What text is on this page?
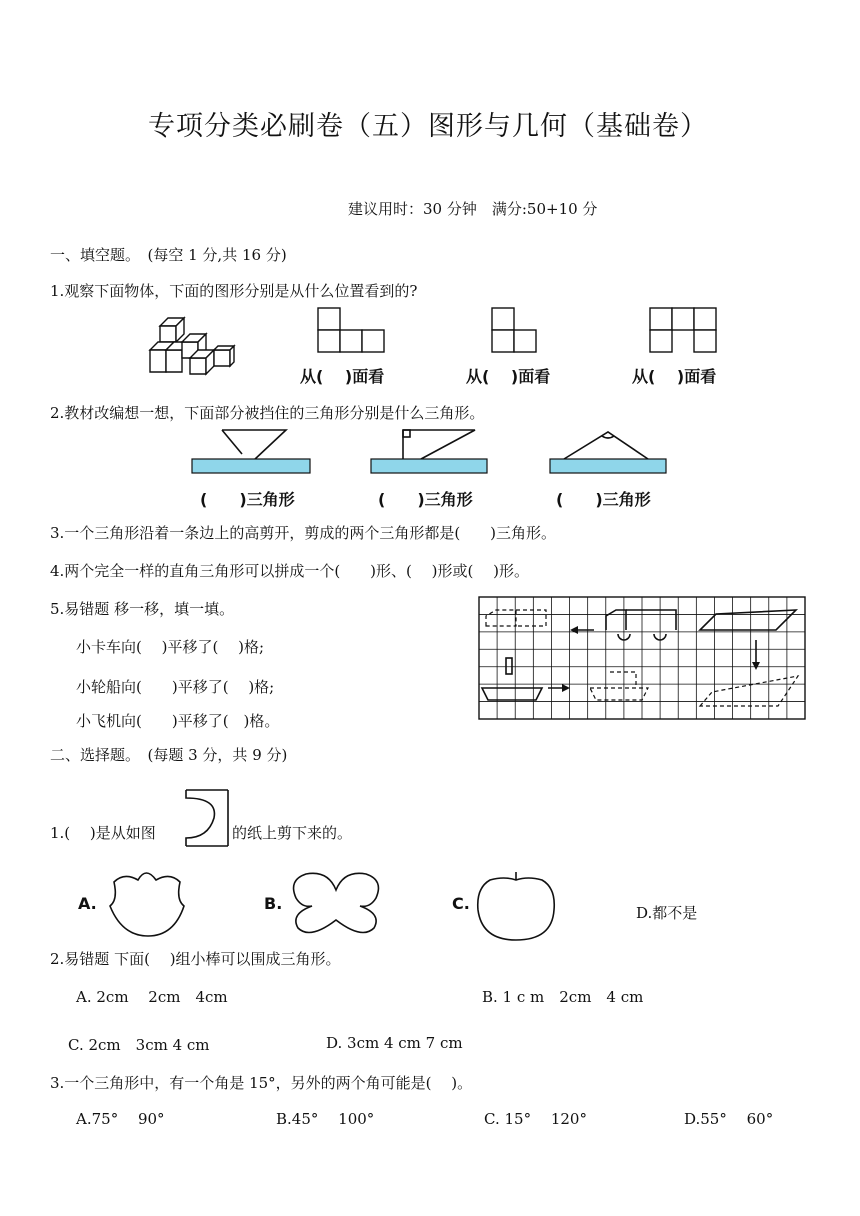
专项分类必刷卷（五）图形与几何（基础卷）
建议用时：30 分钟　满分:50+10 分
一、填空题。　(每空 1 分,共 16 分)
1.观察下面物体，下面的图形分别是从什么位置看到的?
从(　 )面看	从(　 )面看	从(　 )面看
2.教材改编想一想，下面部分被挡住的三角形分别是什么三角形。
(　　)三角形	(　　)三角形	(　　)三角形
3.一个三角形沿着一条边上的高剪开，剪成的两个三角形都是(　　)三角形。
4.两个完全一样的直角三角形可以拼成一个(　　)形、(　 )形或(　 )形。
5.易错题 移一移，填一填。
小卡车向(　 )平移了(　 )格;
小轮船向(　　)平移了(　 )格;
小飞机向(　　)平移了(　)格。
二、选择题。　(每题 3 分，共 9 分)
1.(　 )是从如图	的纸上剪下来的。
A.	B.	C.	D.都不是
2.易错题 下面(　 )组小棒可以围成三角形。
A. 2cm　 2cm　4cm	B. 1 c m　2cm　4 cm
C. 2cm　3cm 4 cm	D. 3cm 4 cm 7 cm
3.一个三角形中，有一个角是 15°，另外的两个角可能是(　 )。
A.75°　 90°	B.45°　 100°	C. 15°　 120°	D.55°　 60°
